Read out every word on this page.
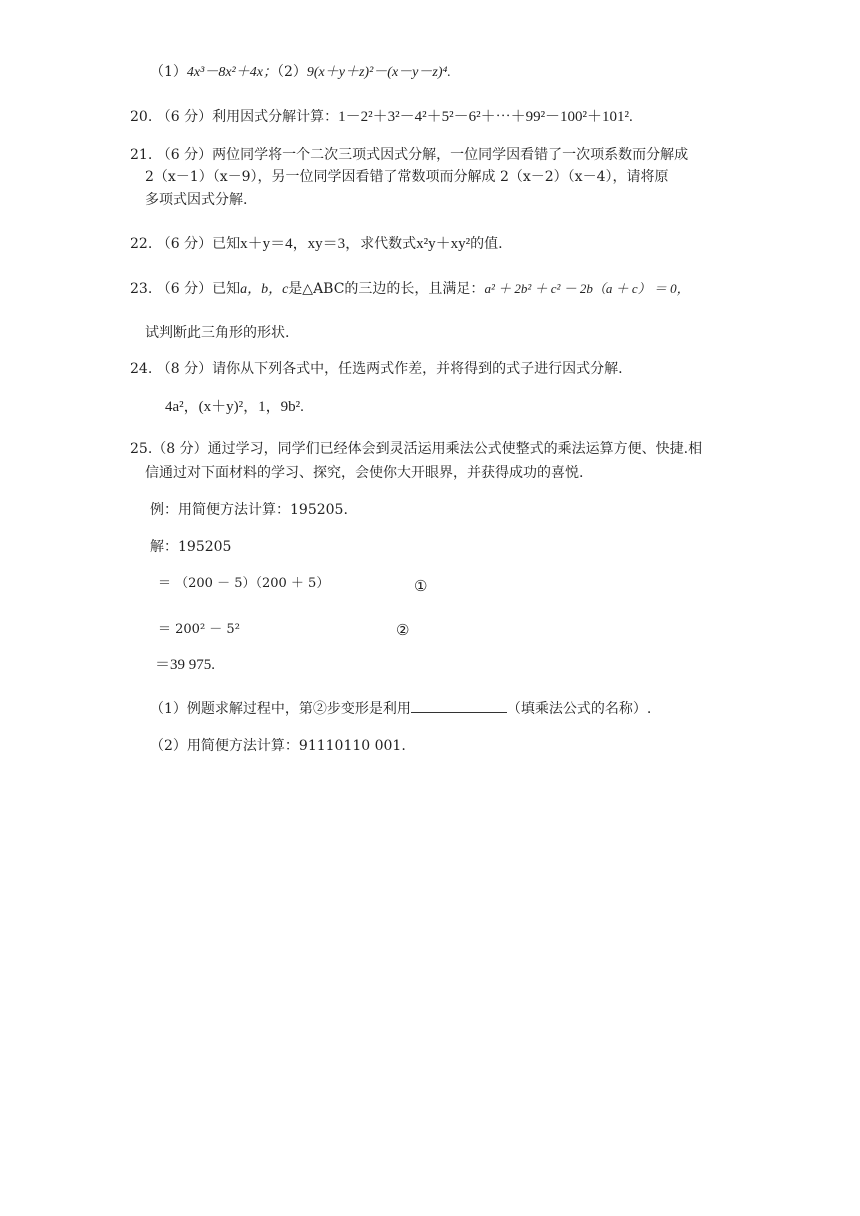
（1）4x³－8x²＋4x；（2）9(x＋y＋z)²－(x－y－z)⁴.
20. （6 分）利用因式分解计算：1－2²＋3²－4²＋5²－6²＋⋯＋99²－100²＋101².
21. （6 分）两位同学将一个二次三项式因式分解，一位同学因看错了一次项系数而分解成
2（x－1）（x－9），另一位同学因看错了常数项而分解成 2（x－2）（x－4），请将原
多项式因式分解.
22. （6 分）已知x＋y＝4，xy＝3，求代数式x²y＋xy²的值.
23. （6 分）已知a，b，c是△ABC的三边的长，且满足：a² ＋ 2b² ＋ c² － 2b（a ＋ c） ＝ 0，
试判断此三角形的形状.
24. （8 分）请你从下列各式中，任选两式作差，并将得到的式子进行因式分解.
4a²，(x＋y)²，1，9b².
25.（8 分）通过学习，同学们已经体会到灵活运用乘法公式使整式的乘法运算方便、快捷.相
信通过对下面材料的学习、探究，会使你大开眼界，并获得成功的喜悦.
例：用简便方法计算：195205.
解：195205
＝ （200 － 5）（200 ＋ 5）	①
＝ 200² － 5²	②
＝39 975.
（1）例题求解过程中，第②步变形是利用	（填乘法公式的名称）.
（2）用简便方法计算：91110110 001.
